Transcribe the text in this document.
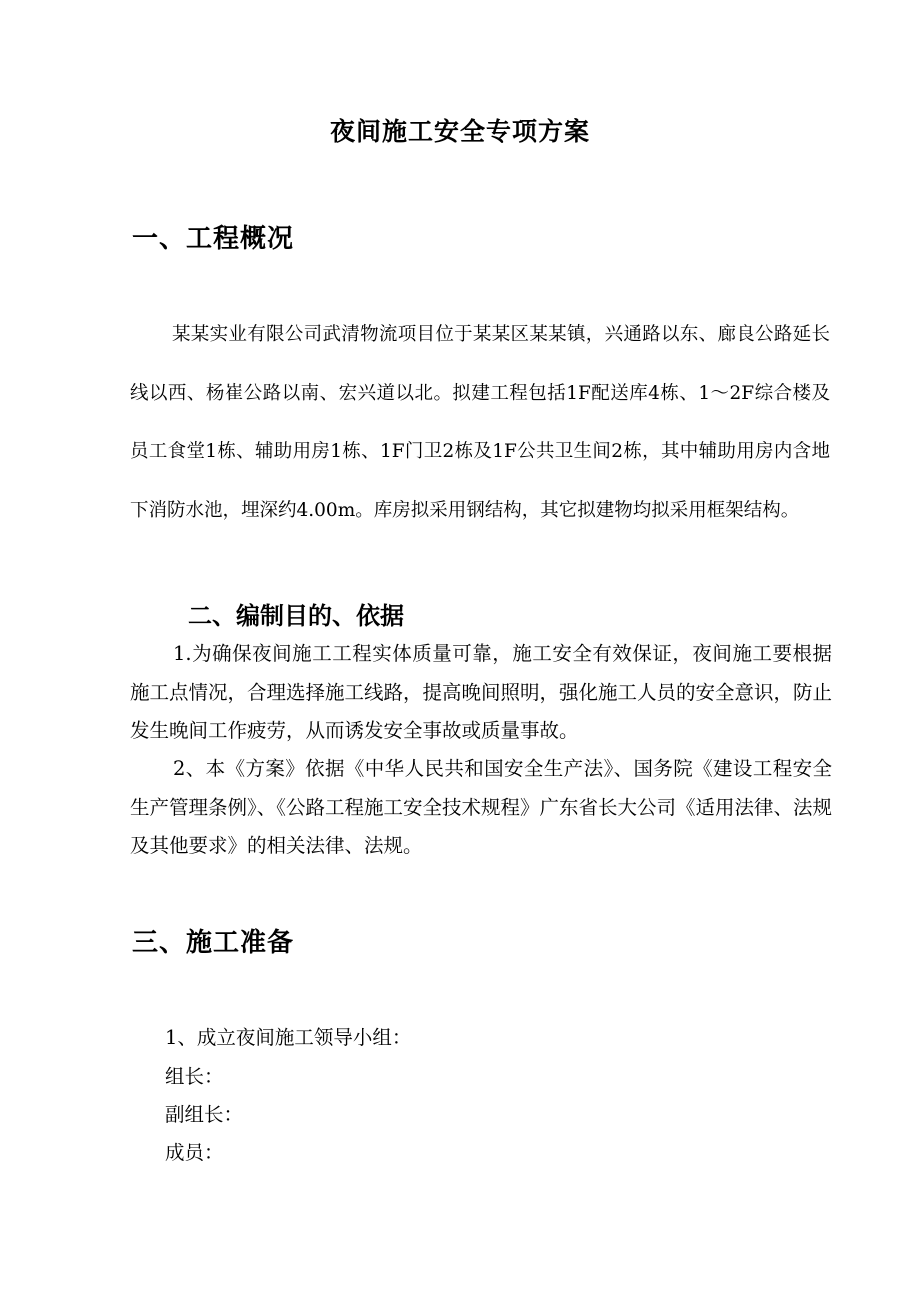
夜间施工安全专项方案
一、工程概况

某某实业有限公司武清物流项目位于某某区某某镇，兴通路以东、廊良公路延长线以西、杨崔公路以南、宏兴道以北。拟建工程包括1F配送库4栋、1～2F综合楼及员工食堂1栋、辅助用房1栋、1F门卫2栋及1F公共卫生间2栋，其中辅助用房内含地下消防水池，埋深约4.00m。库房拟采用钢结构，其它拟建物均拟采用框架结构。

二、编制目的、依据

1.为确保夜间施工工程实体质量可靠，施工安全有效保证，夜间施工要根据施工点情况，合理选择施工线路，提高晚间照明，强化施工人员的安全意识，防止发生晚间工作疲劳，从而诱发安全事故或质量事故。

2、本《方案》依据《中华人民共和国安全生产法》、国务院《建设工程安全生产管理条例》、《公路工程施工安全技术规程》广东省长大公司《适用法律、法规及其他要求》的相关法律、法规。

三、施工准备

1、成立夜间施工领导小组：

组长：

副组长：

成员：
